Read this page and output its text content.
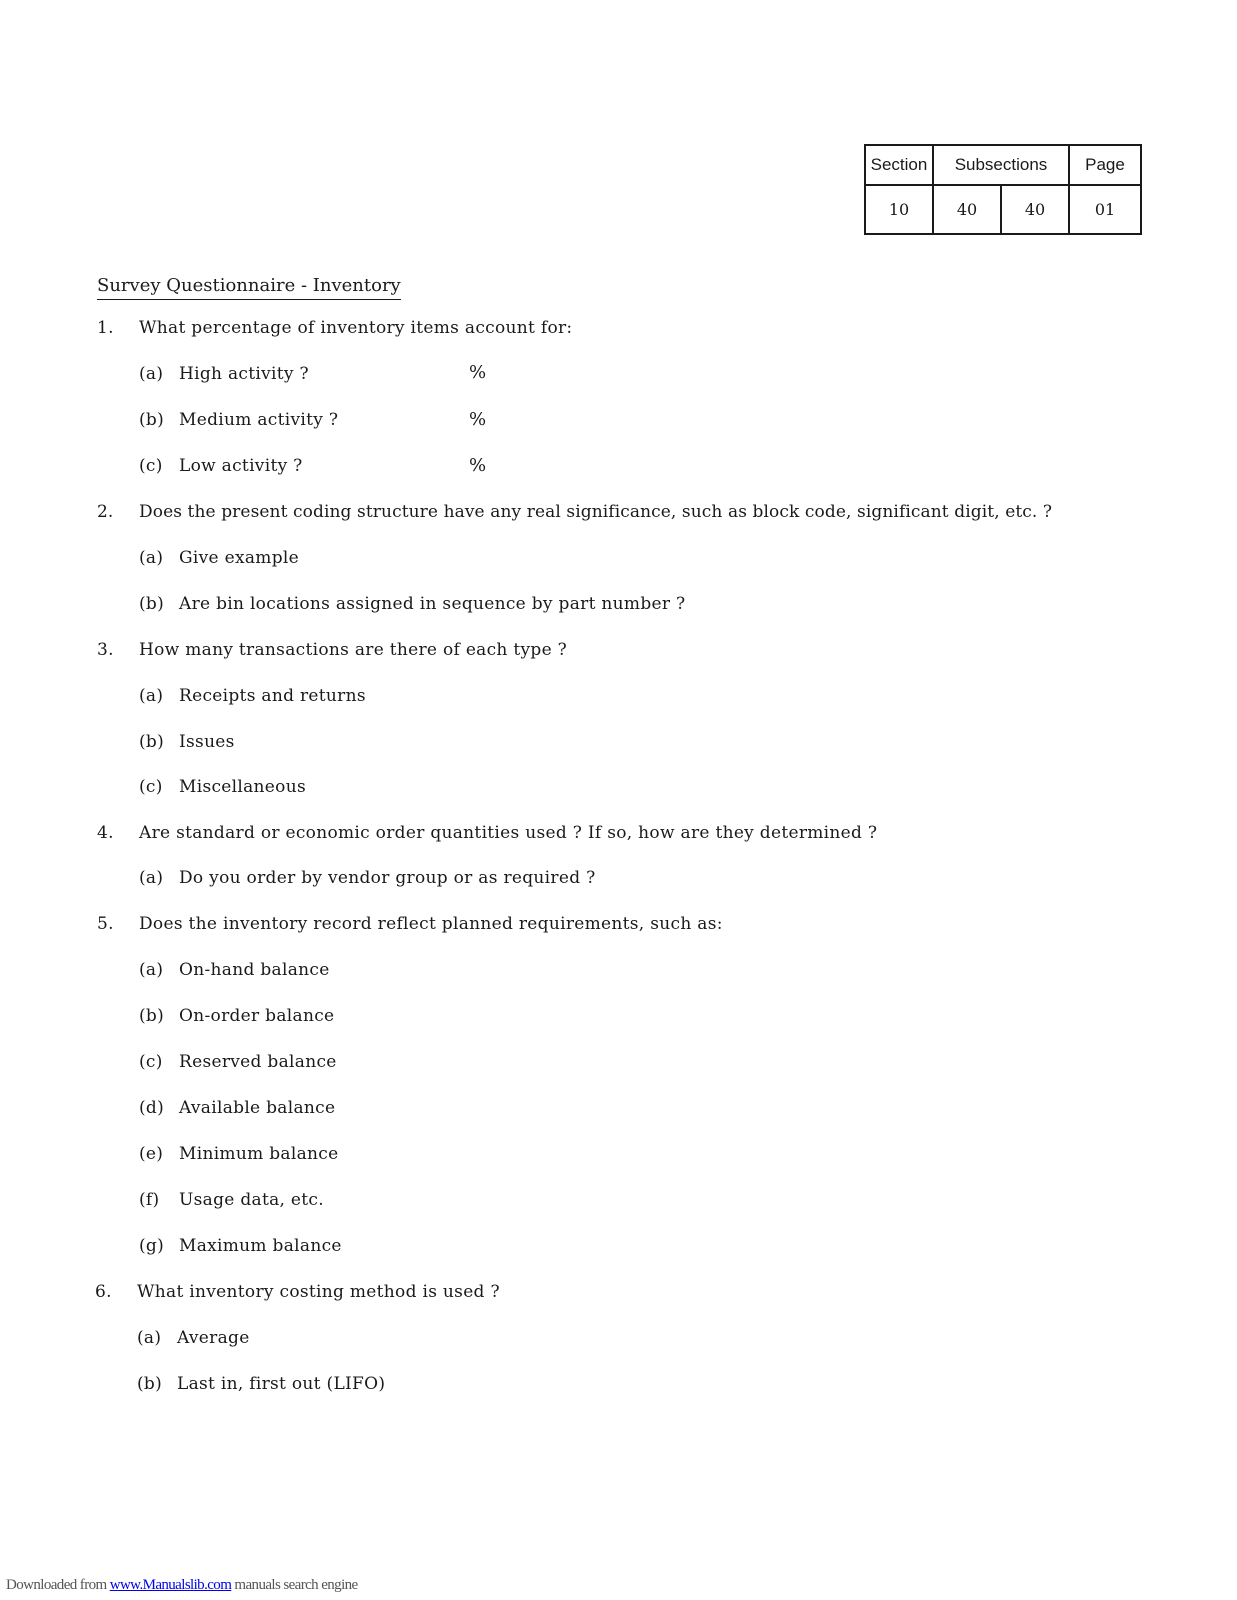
Section	Subsections		Page
10	40	40	01
Survey Questionnaire - Inventory
1. What percentage of inventory items account for:
(a) High activity ?	%
(b) Medium activity ?	%
(c) Low activity ?	%
2. Does the present coding structure have any real significance, such as block code, significant digit, etc. ?
(a) Give example
(b) Are bin locations assigned in sequence by part number ?
3. How many transactions are there of each type ?
(a) Receipts and returns
(b) Issues
(c) Miscellaneous
4. Are standard or economic order quantities used ? If so, how are they determined ?
(a) Do you order by vendor group or as required ?
5. Does the inventory record reflect planned requirements, such as:
(a) On-hand balance
(b) On-order balance
(c) Reserved balance
(d) Available balance
(e) Minimum balance
(f) Usage data, etc.
(g) Maximum balance
6. What inventory costing method is used ?
(a) Average
(b) Last in, first out (LIFO)
Downloaded from www.Manualslib.com manuals search engine
